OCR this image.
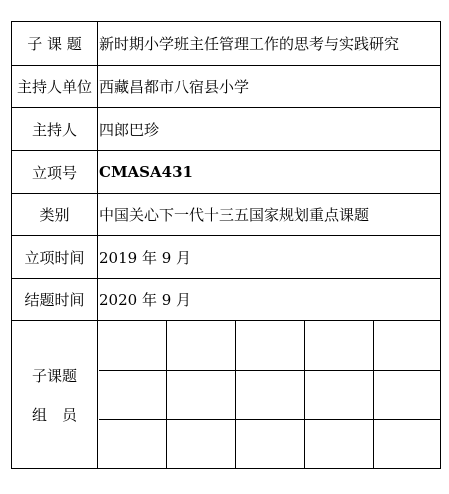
子 课 题	新时期小学班主任管理工作的思考与实践研究
主持人单位 西藏昌都市八宿县小学
主持人	四郎巴珍
立项号	CMASA431
类别	中国关心下一代十三五国家规划重点课题
立项时间 2019 年 9 月
结题时间 2020 年 9 月
子课题
组　员
